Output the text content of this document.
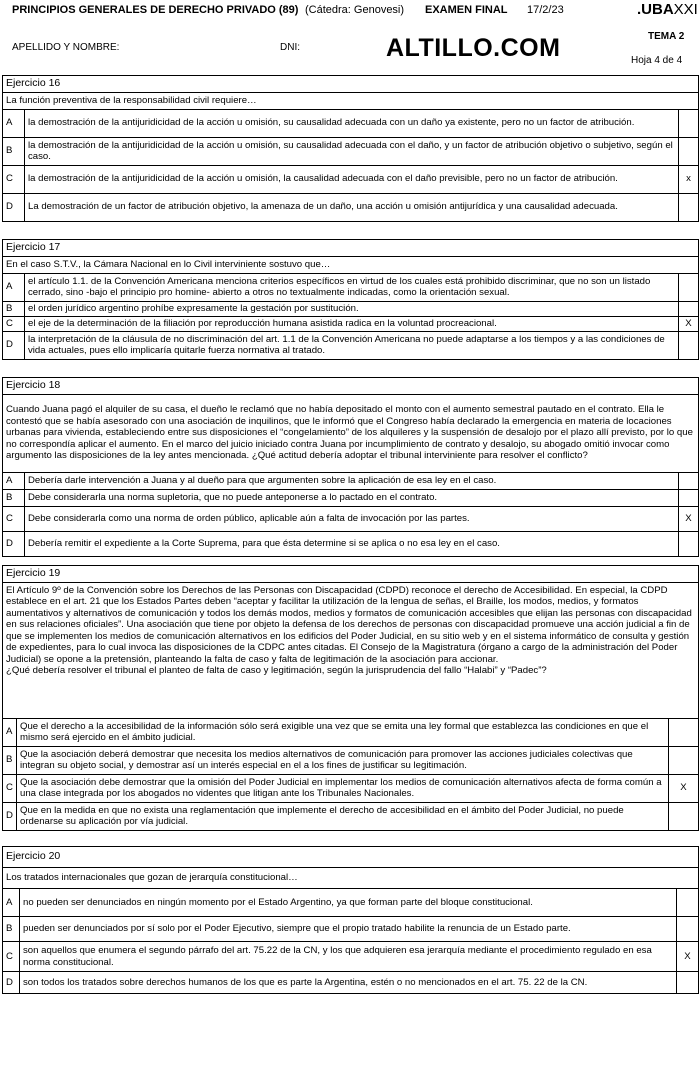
PRINCIPIOS GENERALES DE DERECHO PRIVADO (89) (Cátedra: Genovesi) EXAMEN FINAL 17/2/23	.UBAXXI
APELLIDO Y NOMBRE:	DNI:	ALTILLO.COM	TEMA 2
Hoja 4 de 4
Ejercicio 16		
La función preventiva de la responsabilidad civil requiere…		
A	la demostración de la antijuridicidad de la acción u omisión, su causalidad adecuada con un daño ya existente, pero no un factor de atribución.	
B	la demostración de la antijuridicidad de la acción u omisión, su causalidad adecuada con el daño, y un factor de atribución objetivo o subjetivo, según el caso.	
C	la demostración de la antijuridicidad de la acción u omisión, la causalidad adecuada con el daño previsible, pero no un factor de atribución.	x
D	La demostración de un factor de atribución objetivo, la amenaza de un daño, una acción u omisión antijurídica y una causalidad adecuada.	
Ejercicio 17		
En el caso S.T.V., la Cámara Nacional en lo Civil interviniente sostuvo que…		
A	el artículo 1.1. de la Convención Americana menciona criterios específicos en virtud de los cuales está prohibido discriminar, que no son un listado cerrado, sino -bajo el principio pro homine- abierto a otros no textualmente indicadas, como la orientación sexual.	
B	el orden jurídico argentino prohíbe expresamente la gestación por sustitución.	
C	el eje de la determinación de la filiación por reproducción humana asistida radica en la voluntad procreacional.	X
D	la interpretación de la cláusula de no discriminación del art. 1.1 de la Convención Americana no puede adaptarse a los tiempos y a las condiciones de vida actuales, pues ello implicaría quitarle fuerza normativa al tratado.	
Ejercicio 18		
Cuando Juana pagó el alquiler de su casa, el dueño le reclamó que no había depositado el monto con el aumento semestral pautado en el contrato. Ella le contestó que se había asesorado con una asociación de inquilinos, que le informó que el Congreso había declarado la emergencia en materia de locaciones urbanas para vivienda, estableciendo entre sus disposiciones el “congelamiento” de los alquileres y la suspensión de desalojo por el plazo allí previsto, por lo que no correspondía aplicar el aumento. En el marco del juicio iniciado contra Juana por incumplimiento de contrato y desalojo, su abogado omitió invocar como argumento las disposiciones de la ley antes mencionada. ¿Qué actitud debería adoptar el tribunal interviniente para resolver el conflicto?		
A	Debería darle intervención a Juana y al dueño para que argumenten sobre la aplicación de esa ley en el caso.	
B	Debe considerarla una norma supletoria, que no puede anteponerse a lo pactado en el contrato.	
C	Debe considerarla como una norma de orden público, aplicable aún a falta de invocación por las partes.	X
D	Debería remitir el expediente a la Corte Suprema, para que ésta determine si se aplica o no esa ley en el caso.	
Ejercicio 19		
El Artículo 9º de la Convención sobre los Derechos de las Personas con Discapacidad (CDPD) reconoce el derecho de Accesibilidad. En especial, la CDPD establece en el art. 21 que los Estados Partes deben “aceptar y facilitar la utilización de la lengua de señas, el Braille, los modos, medios, y formatos aumentativos y alternativos de comunicación y todos los demás modos, medios y formatos de comunicación accesibles que elijan las personas con discapacidad en sus relaciones oficiales”. Una asociación que tiene por objeto la defensa de los derechos de personas con discapacidad promueve una acción judicial a fin de que se implementen los medios de comunicación alternativos en los edificios del Poder Judicial, en su sitio web y en el sistema informático de consulta y gestión de expedientes, para lo cual invoca las disposiciones de la CDPC antes citadas. El Consejo de la Magistratura (órgano a cargo de la administración del Poder Judicial) se opone a la pretensión, planteando la falta de caso y falta de legitimación de la asociación para accionar.
¿Qué debería resolver el tribunal el planteo de falta de caso y legitimación, según la jurisprudencia del fallo “Halabi” y “Padec”?		
A	Que el derecho a la accesibilidad de la información sólo será exigible una vez que se emita una ley formal que establezca las condiciones en que el mismo será ejercido en el ámbito judicial.	
B	Que la asociación deberá demostrar que necesita los medios alternativos de comunicación para promover las acciones judiciales colectivas que integran su objeto social, y demostrar así un interés especial en el a los fines de justificar su legitimación.	
C	Que la asociación debe demostrar que la omisión del Poder Judicial en implementar los medios de comunicación alternativos afecta de forma común a una clase integrada por los abogados no videntes que litigan ante los Tribunales Nacionales.	X
D	Que en la medida en que no exista una reglamentación que implemente el derecho de accesibilidad en el ámbito del Poder Judicial, no puede ordenarse su aplicación por vía judicial.	
Ejercicio 20		
Los tratados internacionales que gozan de jerarquía constitucional…		
A	no pueden ser denunciados en ningún momento por el Estado Argentino, ya que forman parte del bloque constitucional.	
B	pueden ser denunciados por sí solo por el Poder Ejecutivo, siempre que el propio tratado habilite la renuncia de un Estado parte.	
C	son aquellos que enumera el segundo párrafo del art. 75.22 de la CN, y los que adquieren esa jerarquía mediante el procedimiento regulado en esa norma constitucional.	X
D	son todos los tratados sobre derechos humanos de los que es parte la Argentina, estén o no mencionados en el art. 75. 22 de la CN.	
